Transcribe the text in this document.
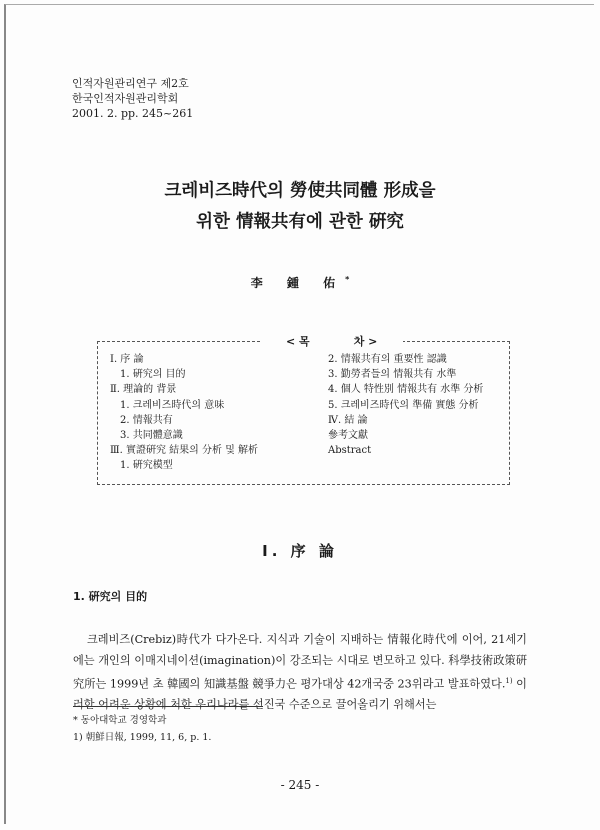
인적자원관리연구 제2호
한국인적자원관리학회
2001. 2. pp. 245~261
크레비즈時代의 勞使共同體 形成을
위한 情報共有에 관한 硏究
李 鍾 佑*
< 목	차 >
Ⅰ. 序 論
1. 硏究의 目的
Ⅱ. 理論的 背景
1. 크레비즈時代의 意味
2. 情報共有
3. 共同體意識
Ⅲ. 實證硏究 結果의 分析 및 解析
1. 硏究模型
2. 情報共有의 重要性 認識
3. 勤勞者들의 情報共有 水準
4. 個人 特性別 情報共有 水準 分析
5. 크레비즈時代의 準備 實態 分析
Ⅳ. 結 論
參考文獻
Abstract
Ⅰ. 序 論
1. 硏究의 目的

크레비즈(Crebiz)時代가 다가온다. 지식과 기술이 지배하는 情報化時代에 이어, 21세기에는 개인의 이매지네이션(imagination)이 강조되는 시대로 변모하고 있다. 科學技術政策硏究所는 1999년 초 韓國의 知識基盤 競爭力은 평가대상 42개국중 23위라고 발표하였다.$^{1)}$ 이러한 어려운 상황에 처한 우리나라를 선진국 수준으로 끌어올리기 위해서는

* 동아대학교 경영학과
1) 朝鮮日報, 1999, 11, 6, p. 1.
- 245 -
